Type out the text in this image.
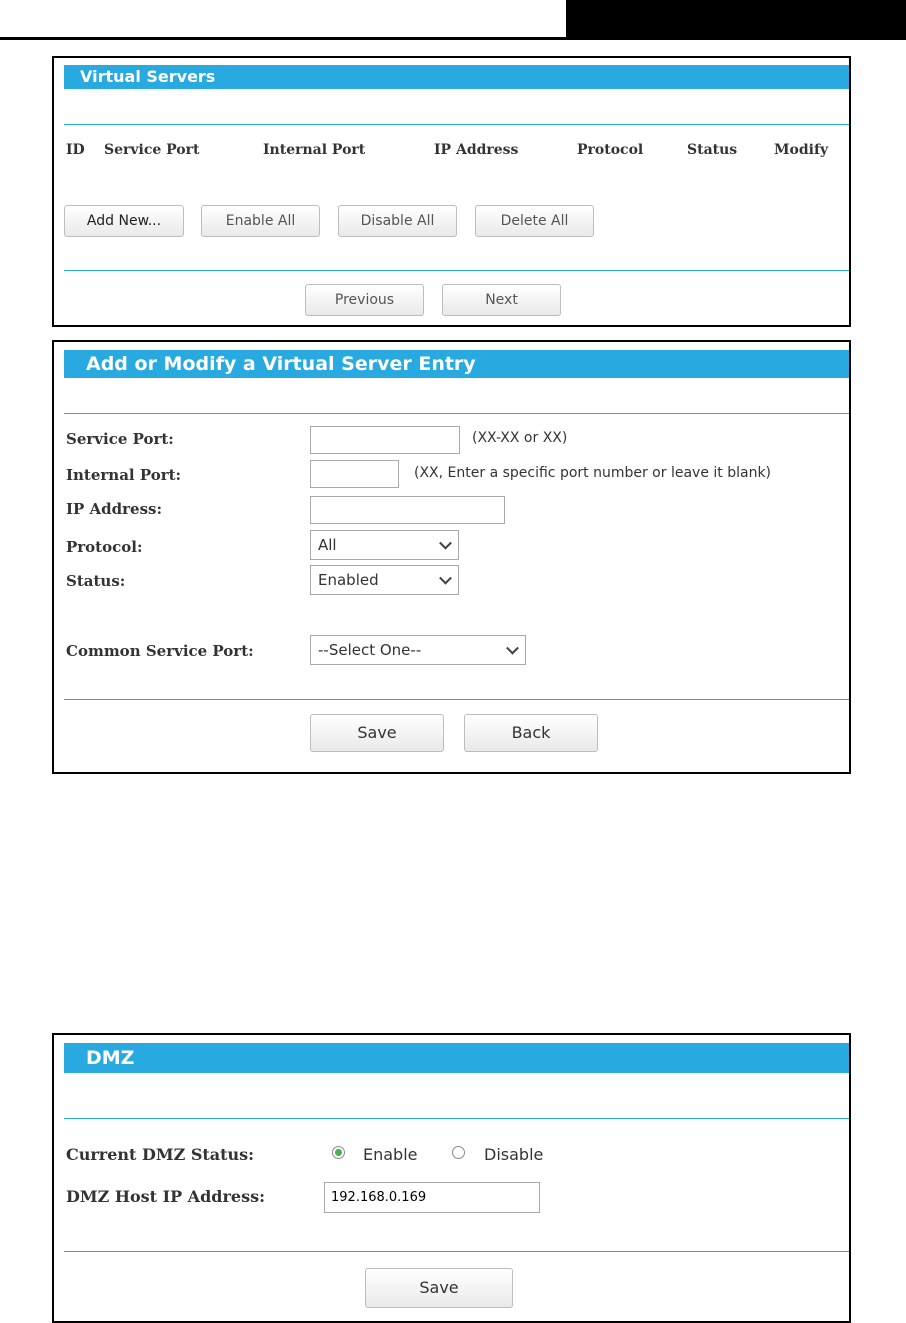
Virtual Servers
ID Service Port	Internal Port	IP Address	Protocol	Status	Modify
Add New...	Enable All	Disable All	Delete All
Previous	Next
Add or Modify a Virtual Server Entry
Service Port:	(XX-XX or XX)
Internal Port:	(XX, Enter a specific port number or leave it blank)
IP Address:
Protocol:	All
Status:	Enabled
Common Service Port:	--Select One--
Save	Back
DMZ
Current DMZ Status:	Enable	Disable
DMZ Host IP Address:	192.168.0.169
Save
